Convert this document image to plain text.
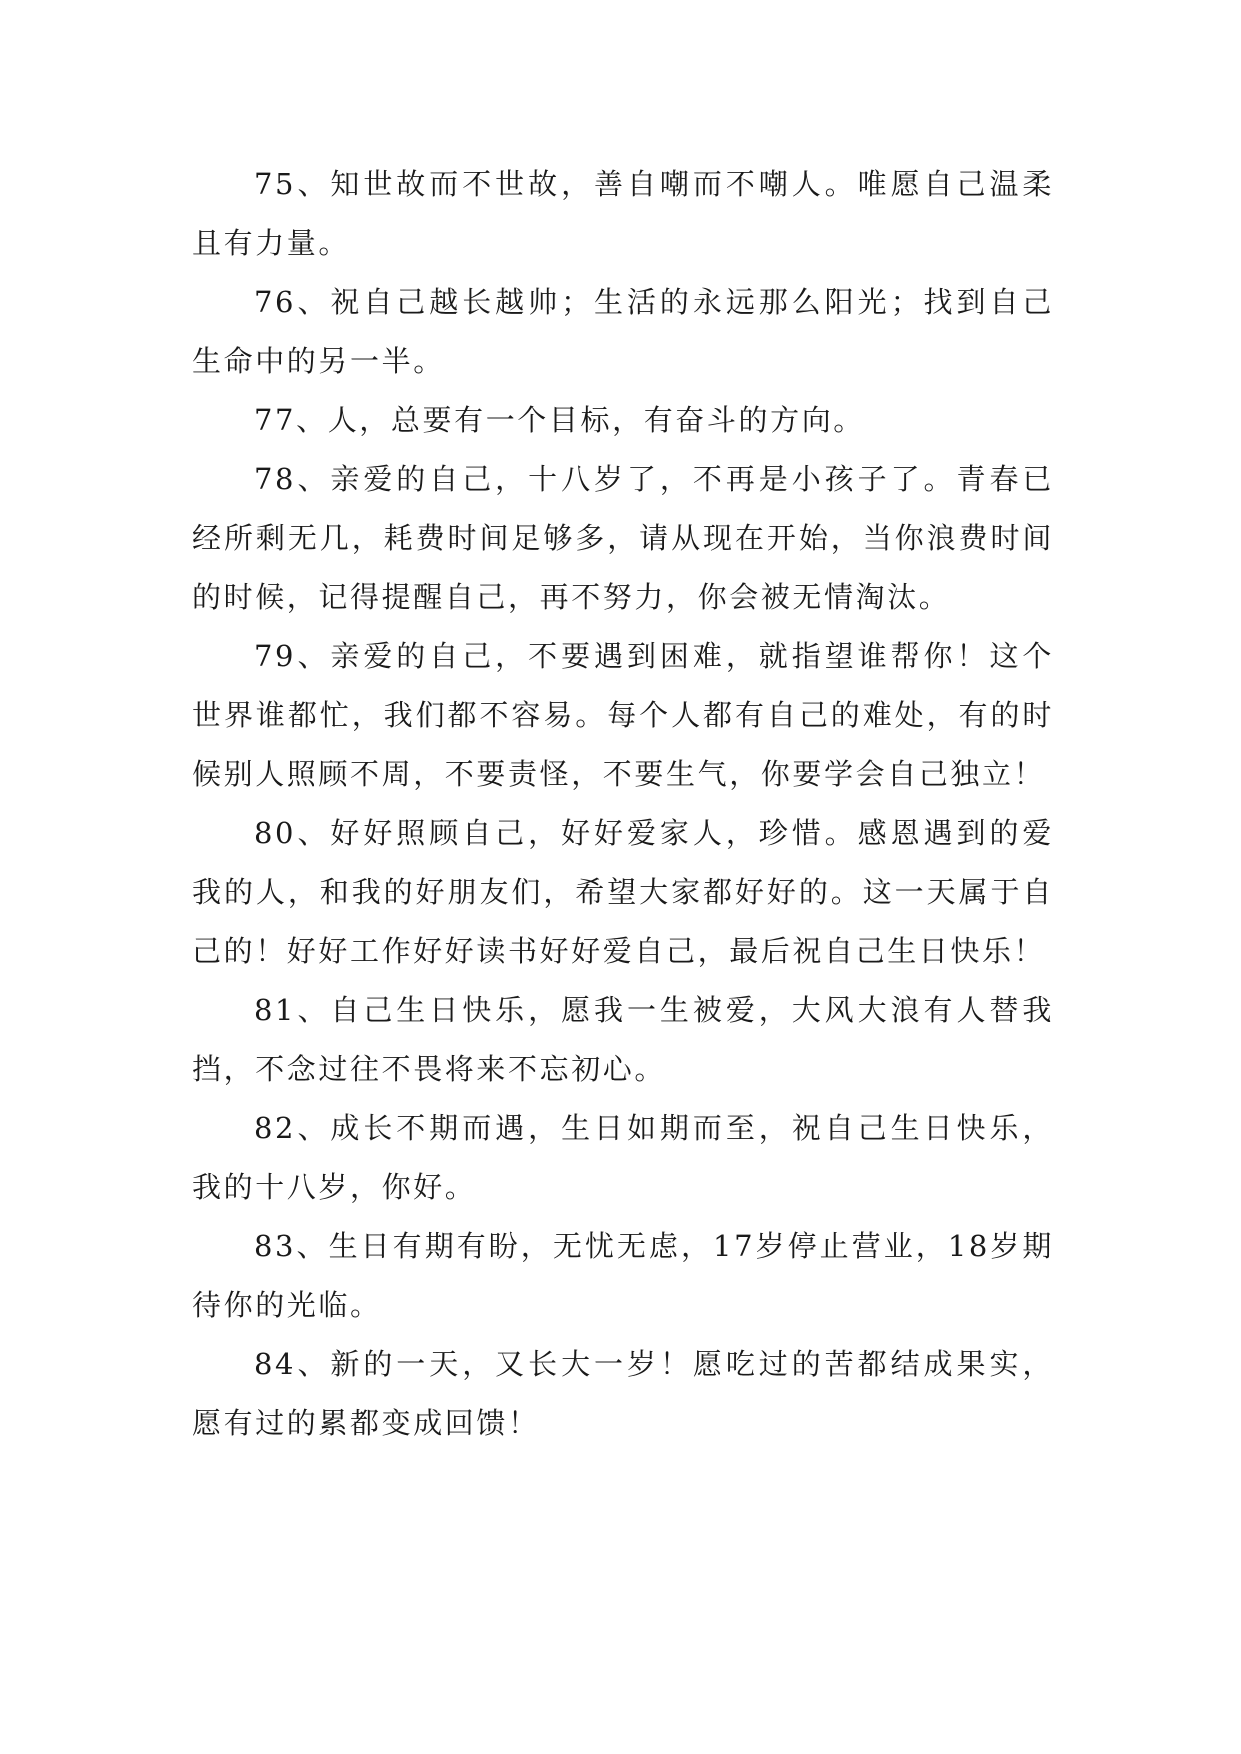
75、知世故而不世故，善自嘲而不嘲人。唯愿自己温柔且有力量。

76、祝自己越长越帅；生活的永远那么阳光；找到自己生命中的另一半。

77、人，总要有一个目标，有奋斗的方向。

78、亲爱的自己，十八岁了，不再是小孩子了。青春已经所剩无几，耗费时间足够多，请从现在开始，当你浪费时间的时候，记得提醒自己，再不努力，你会被无情淘汰。

79、亲爱的自己，不要遇到困难，就指望谁帮你！这个世界谁都忙，我们都不容易。每个人都有自己的难处，有的时候别人照顾不周，不要责怪，不要生气，你要学会自己独立！

80、好好照顾自己，好好爱家人，珍惜。感恩遇到的爱我的人，和我的好朋友们，希望大家都好好的。这一天属于自己的！好好工作好好读书好好爱自己，最后祝自己生日快乐！

81、自己生日快乐，愿我一生被爱，大风大浪有人替我挡，不念过往不畏将来不忘初心。

82、成长不期而遇，生日如期而至，祝自己生日快乐，我的十八岁，你好。

83、生日有期有盼，无忧无虑，17岁停止营业，18岁期待你的光临。

84、新的一天，又长大一岁！愿吃过的苦都结成果实，愿有过的累都变成回馈！
